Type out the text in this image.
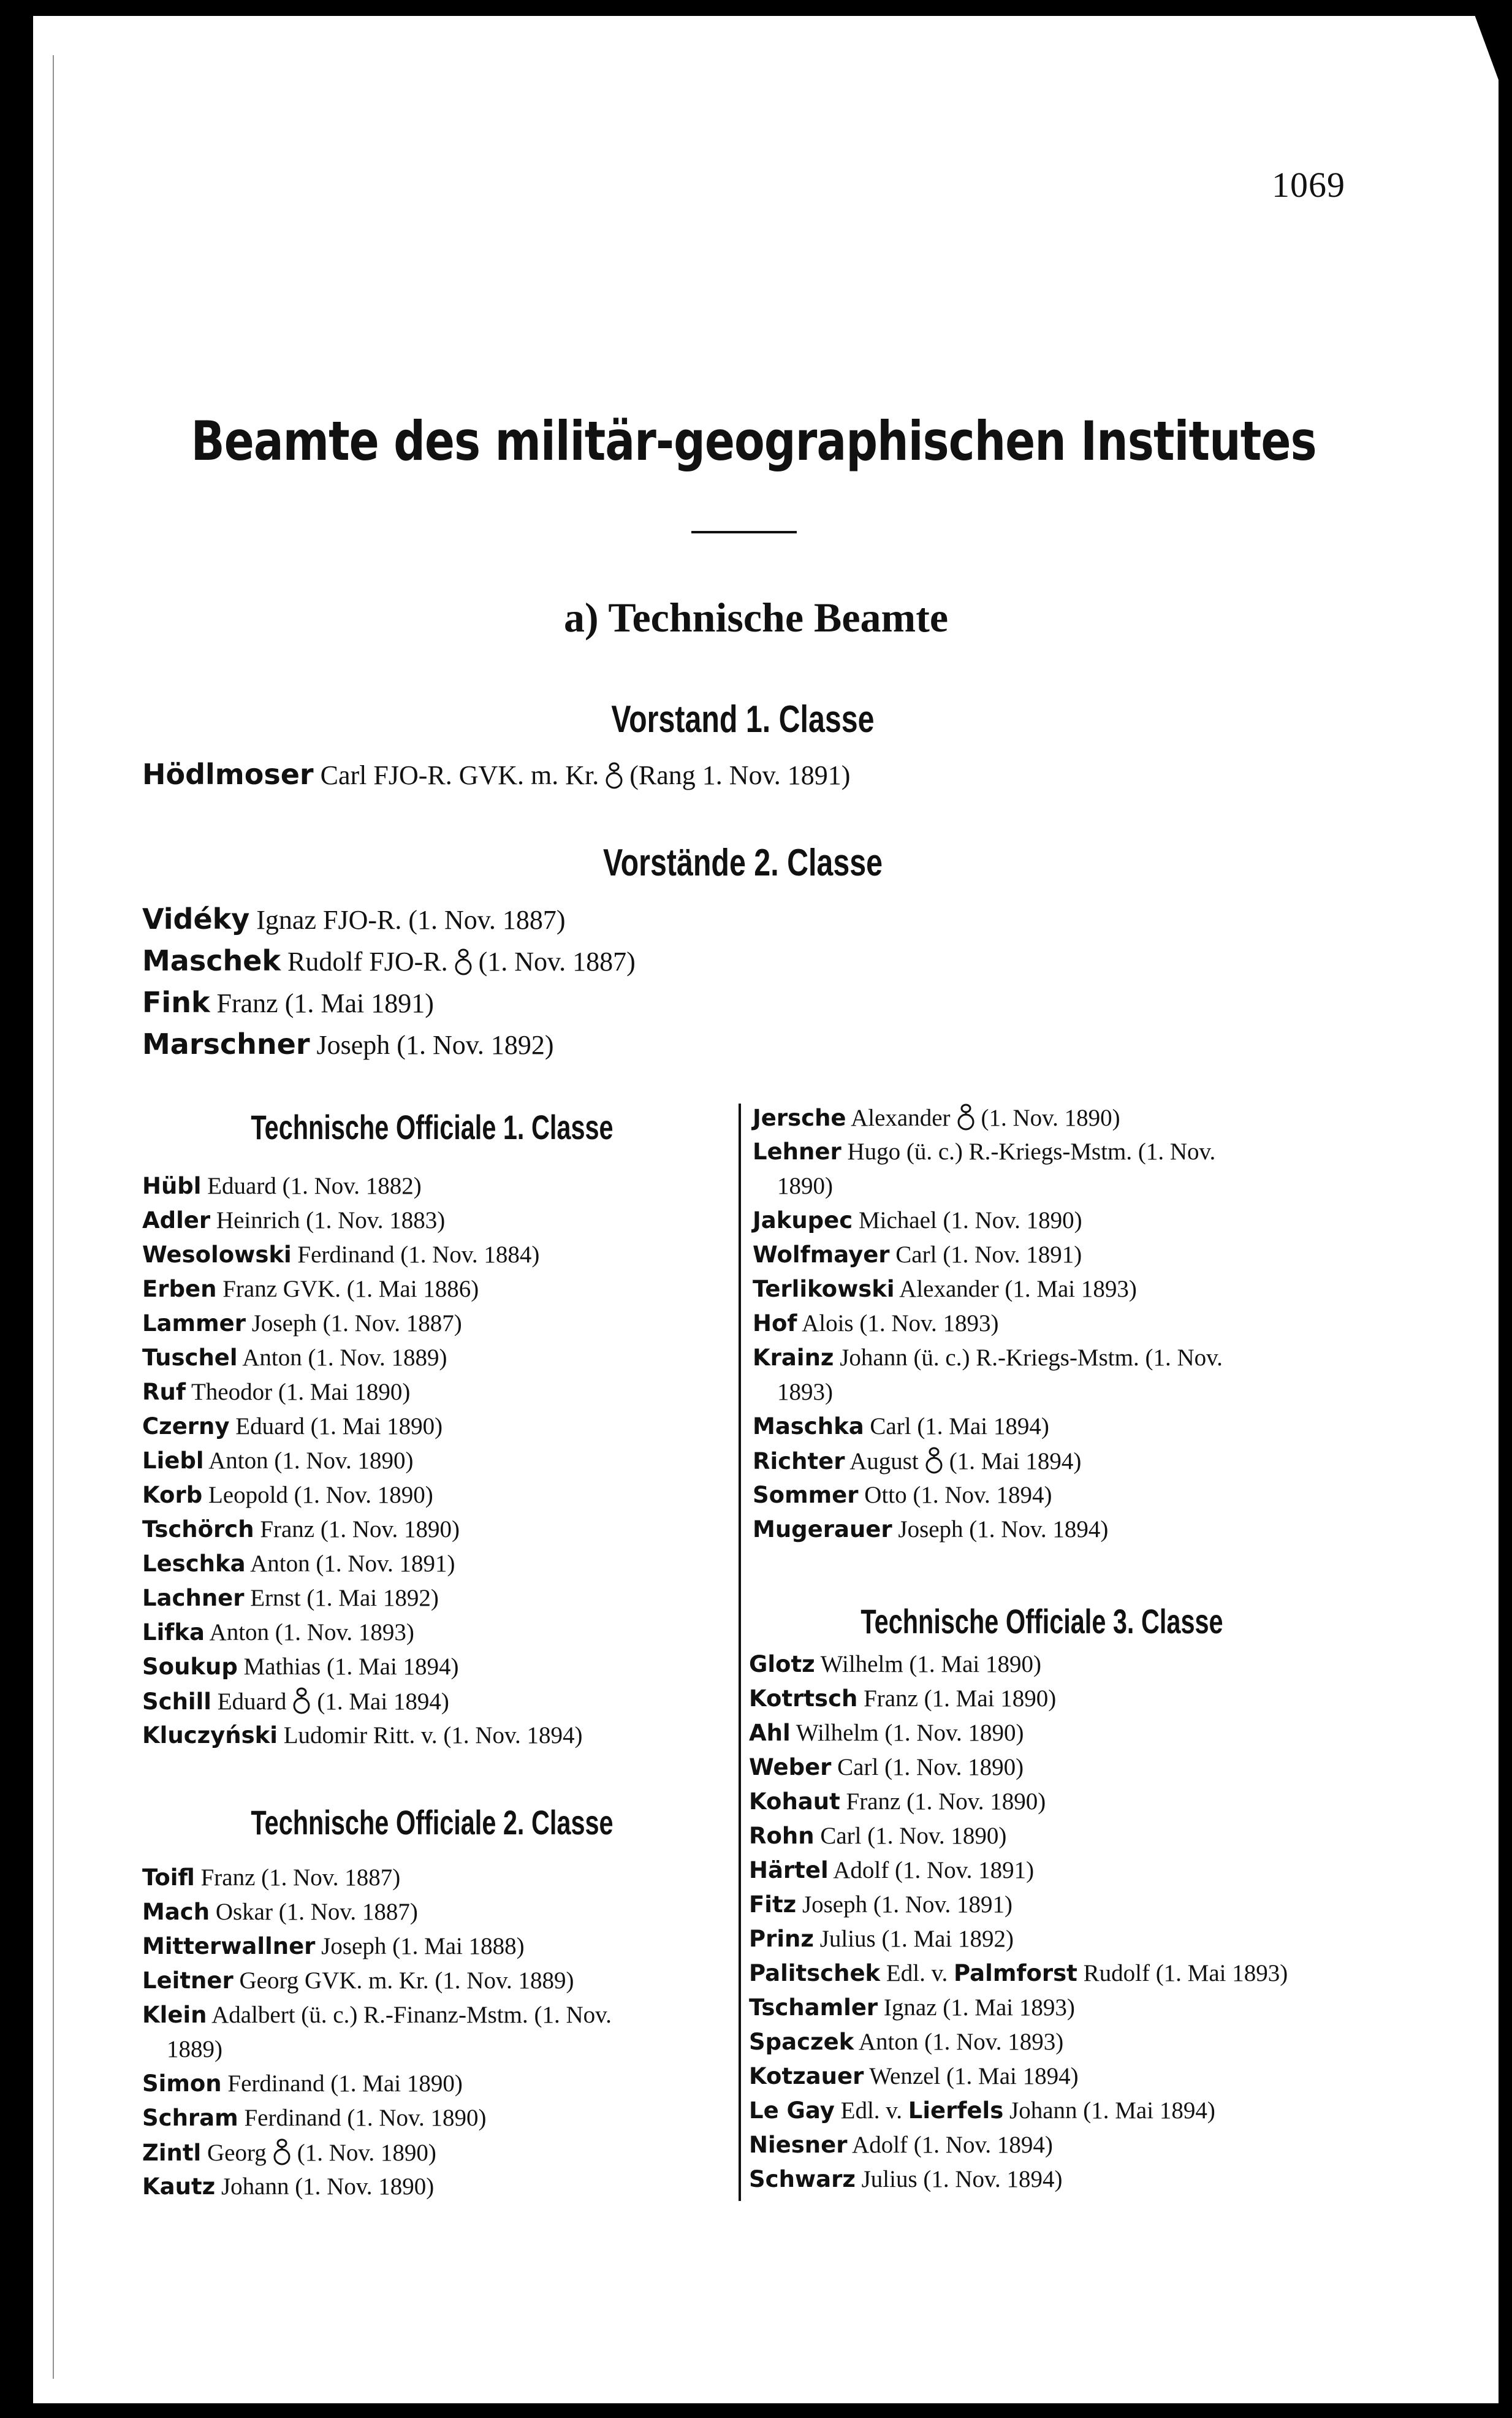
1069
Beamte des militär-geographischen Institutes
a) Technische Beamte
Vorstand 1. Classe
Hödlmoser Carl FJO-R. GVK. m. Kr. (Rang 1. Nov. 1891)
Vorstände 2. Classe
Vidéky Ignaz FJO-R. (1. Nov. 1887)
Maschek Rudolf FJO-R. (1. Nov. 1887)
Fink Franz (1. Mai 1891)
Marschner Joseph (1. Nov. 1892)
Technische Officiale 1. Classe
Hübl Eduard (1. Nov. 1882)
Adler Heinrich (1. Nov. 1883)
Wesolowski Ferdinand (1. Nov. 1884)
Erben Franz GVK. (1. Mai 1886)
Lammer Joseph (1. Nov. 1887)
Tuschel Anton (1. Nov. 1889)
Ruf Theodor (1. Mai 1890)
Czerny Eduard (1. Mai 1890)
Liebl Anton (1. Nov. 1890)
Korb Leopold (1. Nov. 1890)
Tschörch Franz (1. Nov. 1890)
Leschka Anton (1. Nov. 1891)
Lachner Ernst (1. Mai 1892)
Lifka Anton (1. Nov. 1893)
Soukup Mathias (1. Mai 1894)
Schill Eduard (1. Mai 1894)
Kluczyński Ludomir Ritt. v. (1. Nov. 1894)
Technische Officiale 2. Classe
Toifl Franz (1. Nov. 1887)
Mach Oskar (1. Nov. 1887)
Mitterwallner Joseph (1. Mai 1888)
Leitner Georg GVK. m. Kr. (1. Nov. 1889)
Klein Adalbert (ü. c.) R.-Finanz-Mstm. (1. Nov.
1889)
Simon Ferdinand (1. Mai 1890)
Schram Ferdinand (1. Nov. 1890)
Zintl Georg (1. Nov. 1890)
Kautz Johann (1. Nov. 1890)
Jersche Alexander (1. Nov. 1890)
Lehner Hugo (ü. c.) R.-Kriegs-Mstm. (1. Nov.
1890)
Jakupec Michael (1. Nov. 1890)
Wolfmayer Carl (1. Nov. 1891)
Terlikowski Alexander (1. Mai 1893)
Hof Alois (1. Nov. 1893)
Krainz Johann (ü. c.) R.-Kriegs-Mstm. (1. Nov.
1893)
Maschka Carl (1. Mai 1894)
Richter August (1. Mai 1894)
Sommer Otto (1. Nov. 1894)
Mugerauer Joseph (1. Nov. 1894)
Technische Officiale 3. Classe
Glotz Wilhelm (1. Mai 1890)
Kotrtsch Franz (1. Mai 1890)
Ahl Wilhelm (1. Nov. 1890)
Weber Carl (1. Nov. 1890)
Kohaut Franz (1. Nov. 1890)
Rohn Carl (1. Nov. 1890)
Härtel Adolf (1. Nov. 1891)
Fitz Joseph (1. Nov. 1891)
Prinz Julius (1. Mai 1892)
Palitschek Edl. v. Palmforst Rudolf (1. Mai 1893)
Tschamler Ignaz (1. Mai 1893)
Spaczek Anton (1. Nov. 1893)
Kotzauer Wenzel (1. Mai 1894)
Le Gay Edl. v. Lierfels Johann (1. Mai 1894)
Niesner Adolf (1. Nov. 1894)
Schwarz Julius (1. Nov. 1894)
